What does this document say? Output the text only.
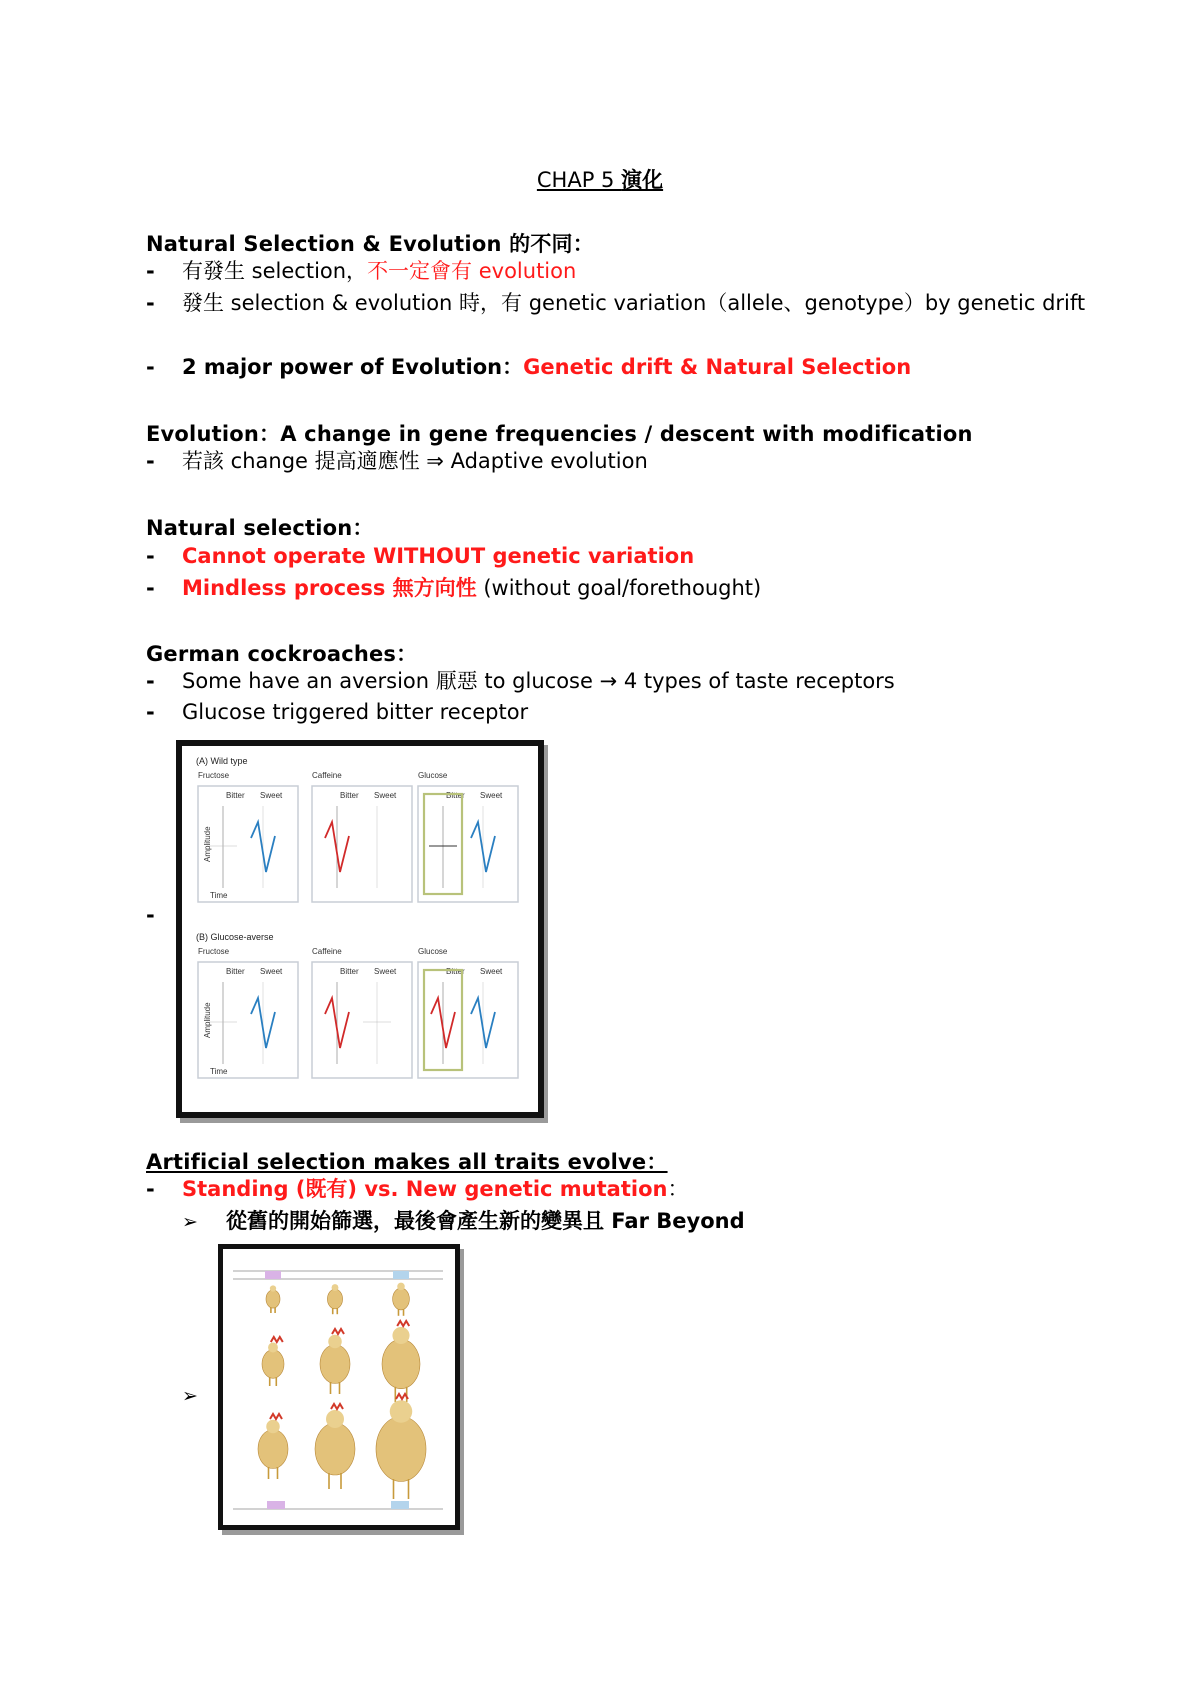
CHAP 5 演化
Natural Selection & Evolution 的不同：
-	有發生 selection，不一定會有 evolution
-	發生 selection & evolution 時，有 genetic variation（allele、genotype）by genetic drift
-	2 major power of Evolution：Genetic drift & Natural Selection
Evolution：A change in gene frequencies / descent with modification
-	若該 change 提高適應性 ⇒ Adaptive evolution
Natural selection：
-	Cannot operate WITHOUT genetic variation
-	Mindless process 無方向性 (without goal/forethought)
German cockroaches：
-	Some have an aversion 厭惡 to glucose → 4 types of taste receptors
-	Glucose triggered bitter receptor
-
(A) Wild type
(B) Glucose-averse
Fructose
Bitter Sweet
Amplitude
Time
Caffeine
Bitter Sweet
Glucose
Bitter Sweet
Fructose
Bitter Sweet
Amplitude
Time
Caffeine
Bitter Sweet
Glucose
Bitter Sweet
Artificial selection makes all traits evolve：
-	Standing (既有) vs. New genetic mutation：
➢ 從舊的開始篩選，最後會產生新的變異且 Far Beyond
➢
